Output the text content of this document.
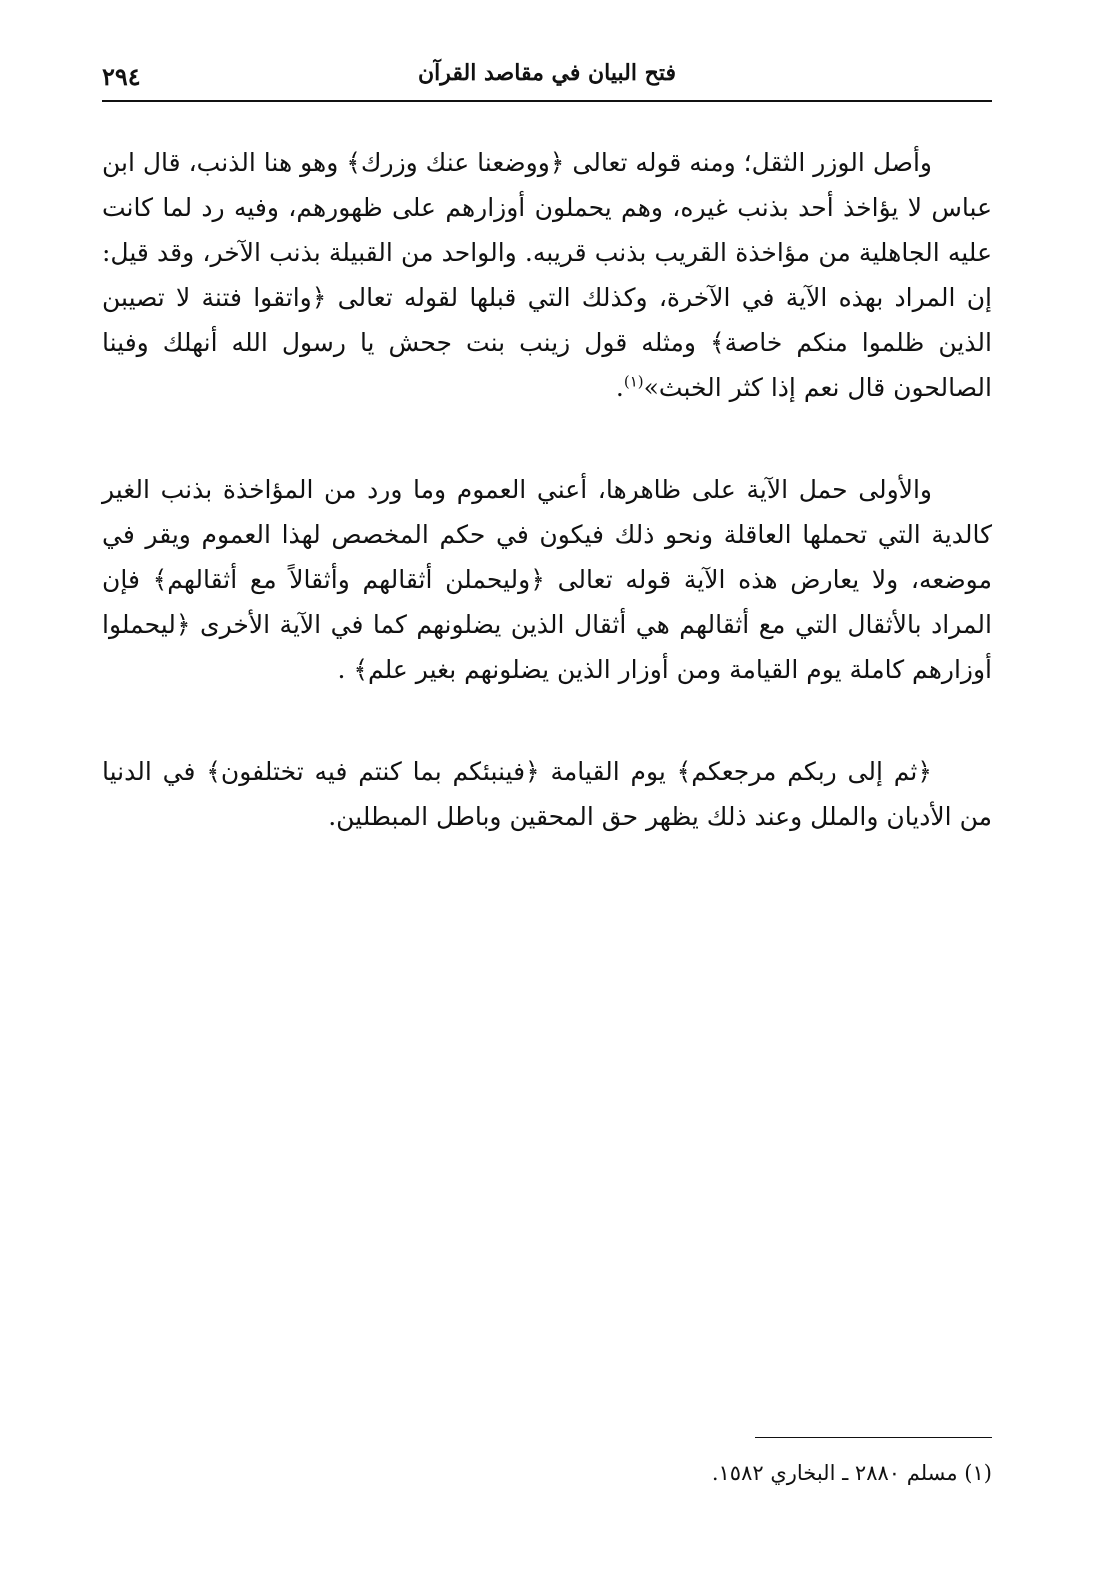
٢٩٤	فتح البيان في مقاصد القرآن

وأصل الوزر الثقل؛ ومنه قوله تعالى ﴿ووضعنا عنك وزرك﴾ وهو هنا الذنب، قال ابن عباس لا يؤاخذ أحد بذنب غيره، وهم يحملون أوزارهم على ظهورهم، وفيه رد لما كانت عليه الجاهلية من مؤاخذة القريب بذنب قريبه. والواحد من القبيلة بذنب الآخر، وقد قيل: إن المراد بهذه الآية في الآخرة، وكذلك التي قبلها لقوله تعالى ﴿واتقوا فتنة لا تصيبن الذين ظلموا منكم خاصة﴾ ومثله قول زينب بنت جحش يا رسول الله أنهلك وفينا الصالحون قال نعم إذا كثر الخبث»$^{(١)}$.

والأولى حمل الآية على ظاهرها، أعني العموم وما ورد من المؤاخذة بذنب الغير كالدية التي تحملها العاقلة ونحو ذلك فيكون في حكم المخصص لهذا العموم ويقر في موضعه، ولا يعارض هذه الآية قوله تعالى ﴿وليحملن أثقالهم وأثقالاً مع أثقالهم﴾ فإن المراد بالأثقال التي مع أثقالهم هي أثقال الذين يضلونهم كما في الآية الأخرى ﴿ليحملوا أوزارهم كاملة يوم القيامة ومن أوزار الذين يضلونهم بغير علم﴾ .

﴿ثم إلى ربكم مرجعكم﴾ يوم القيامة ﴿فينبئكم بما كنتم فيه تختلفون﴾ في الدنيا من الأديان والملل وعند ذلك يظهر حق المحقين وباطل المبطلين.

(١) مسلم ٢٨٨٠ ـ البخاري ١٥٨٢.
